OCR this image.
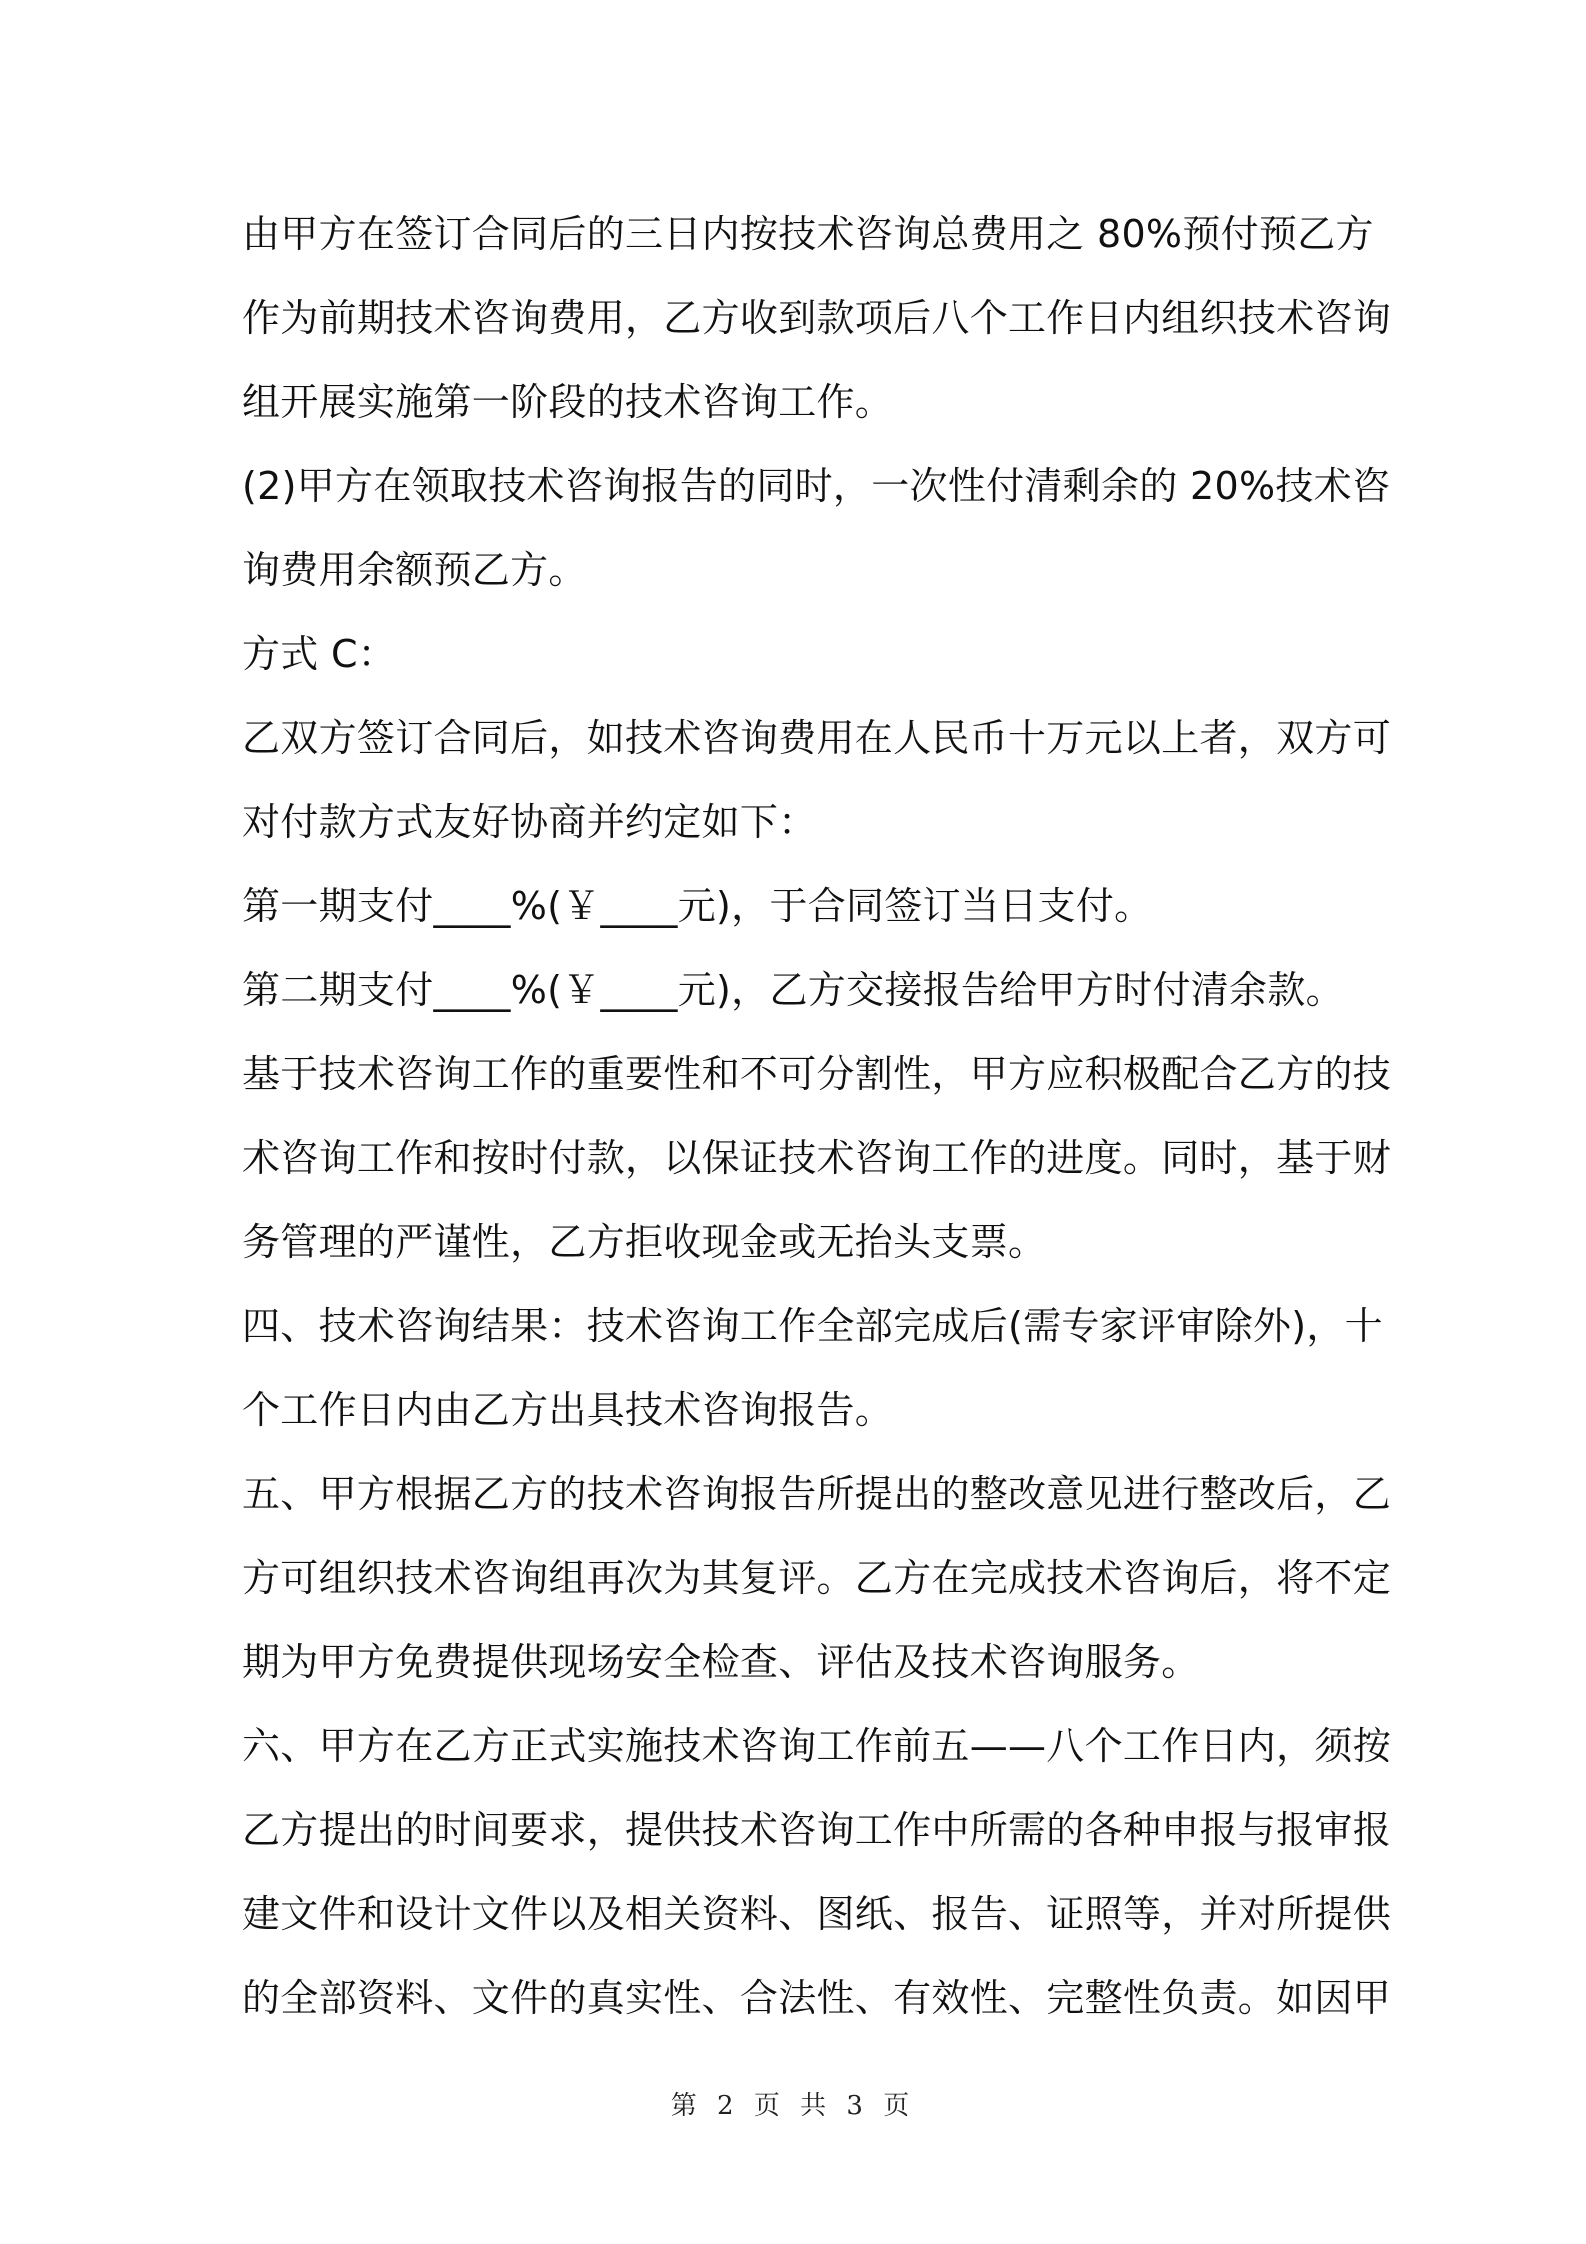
由甲方在签订合同后的三日内按技术咨询总费用之 80%预付预乙方
作为前期技术咨询费用，乙方收到款项后八个工作日内组织技术咨询
组开展实施第一阶段的技术咨询工作。
(2)甲方在领取技术咨询报告的同时，一次性付清剩余的 20%技术咨
询费用余额预乙方。
方式 C：
乙双方签订合同后，如技术咨询费用在人民币十万元以上者，双方可
对付款方式友好协商并约定如下：
第一期支付____%(￥____元)，于合同签订当日支付。
第二期支付____%(￥____元)，乙方交接报告给甲方时付清余款。
基于技术咨询工作的重要性和不可分割性，甲方应积极配合乙方的技
术咨询工作和按时付款，以保证技术咨询工作的进度。同时，基于财
务管理的严谨性，乙方拒收现金或无抬头支票。
四、技术咨询结果：技术咨询工作全部完成后(需专家评审除外)，十
个工作日内由乙方出具技术咨询报告。
五、甲方根据乙方的技术咨询报告所提出的整改意见进行整改后，乙
方可组织技术咨询组再次为其复评。乙方在完成技术咨询后，将不定
期为甲方免费提供现场安全检查、评估及技术咨询服务。
六、甲方在乙方正式实施技术咨询工作前五——八个工作日内，须按
乙方提出的时间要求，提供技术咨询工作中所需的各种申报与报审报
建文件和设计文件以及相关资料、图纸、报告、证照等，并对所提供
的全部资料、文件的真实性、合法性、有效性、完整性负责。如因甲
第 2 页 共 3 页
